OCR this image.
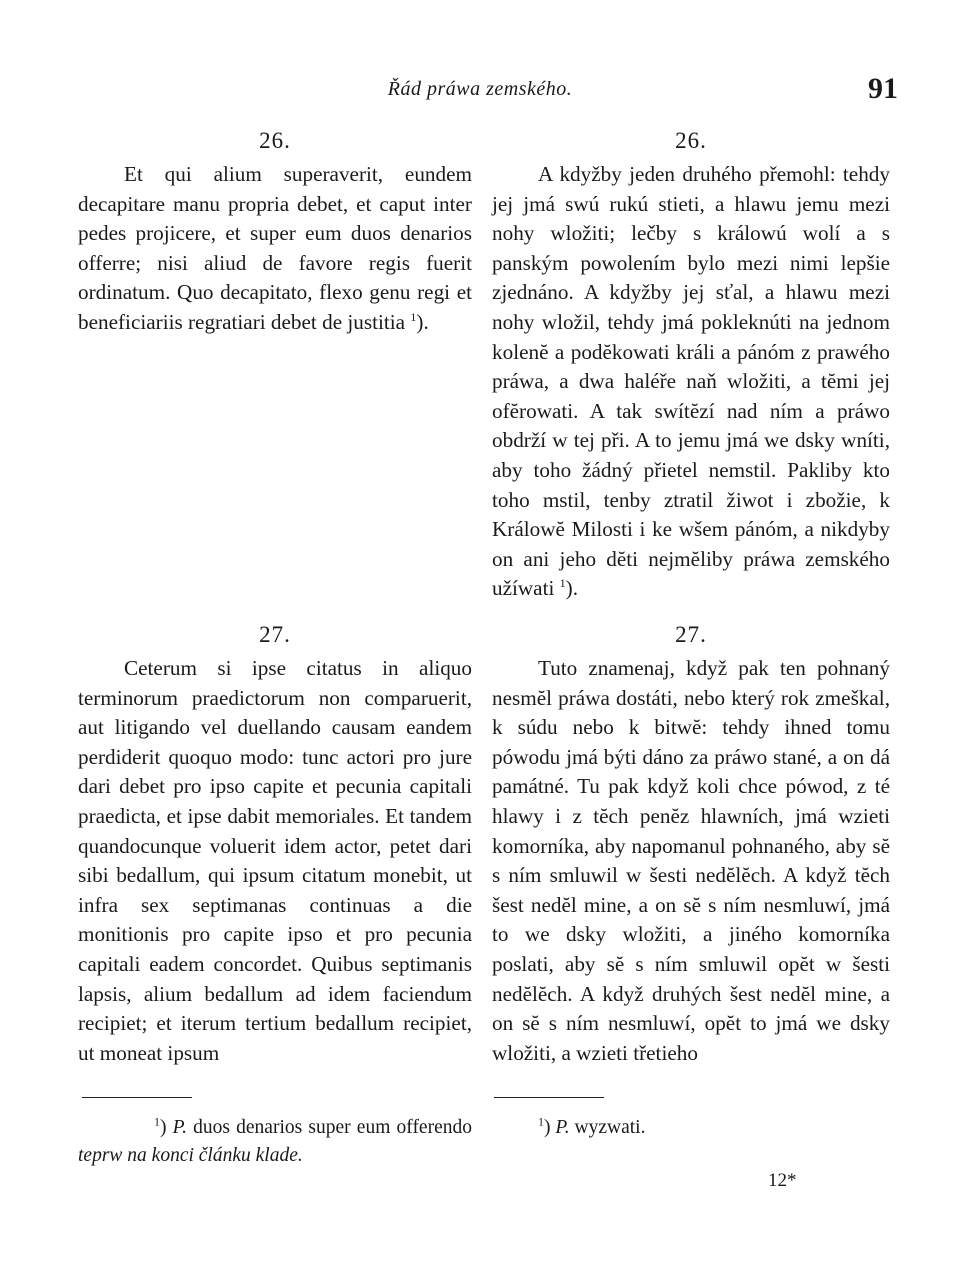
Řád práwa zemského.	91
26.

Et qui alium superaverit, eundem decapitare manu propria debet, et caput inter pedes projicere, et super eum duos denarios offerre; nisi aliud de favore regis fuerit ordinatum. Quo decapitato, flexo genu regi et beneficiariis regratiari debet de justitia $^1$).

27.

Ceterum si ipse citatus in aliquo terminorum praedictorum non comparuerit, aut litigando vel duellando causam eandem perdiderit quoquo modo: tunc actori pro jure dari debet pro ipso capite et pecunia capitali praedicta, et ipse dabit memoriales. Et tandem quandocunque voluerit idem actor, petet dari sibi bedallum, qui ipsum citatum monebit, ut infra sex septimanas continuas a die monitionis pro capite ipso et pro pecunia capitali eadem concordet. Quibus septimanis lapsis, alium bedallum ad idem faciendum recipiet; et iterum tertium bedallum recipiet, ut moneat ipsum

26.

A kdyžby jeden druhého přemohl: tehdy jej jmá swú rukú stieti, a hlawu jemu mezi nohy wložiti; lečby s králowú wolí a s panským powolením bylo mezi nimi lepšie zjednáno. A kdyžby jej sťal, a hlawu mezi nohy wložil, tehdy jmá pokleknúti na jednom kolenĕ a podĕkowati králi a pánóm z prawého práwa, a dwa haléře naň wložiti, a tĕmi jej ofĕrowati. A tak swítĕzí nad ním a práwo obdrží w tej při. A to jemu jmá we dsky wníti, aby toho žádný přietel nemstil. Pakliby kto toho mstil, tenby ztratil žiwot i zbožie, k Králowĕ Milosti i ke wšem pánóm, a nikdyby on ani jeho dĕti nejmĕliby práwa zemského užíwati $^1$).

27.

Tuto znamenaj, když pak ten pohnaný nesmĕl práwa dostáti, nebo který rok zmeškal, k súdu nebo k bitwĕ: tehdy ihned tomu pówodu jmá býti dáno za práwo stané, a on dá památné. Tu pak když koli chce pówod, z té hlawy i z tĕch penĕz hlawních, jmá wzieti komorníka, aby napomanul pohnaného, aby sĕ s ním smluwil w šesti nedĕlĕch. A když tĕch šest nedĕl mine, a on sĕ s ním nesmluwí, jmá to we dsky wložiti, a jiného komorníka poslati, aby sĕ s ním smluwil opĕt w šesti nedĕlĕch. A když druhých šest nedĕl mine, a on sĕ s ním nesmluwí, opĕt to jmá we dsky wložiti, a wzieti třetieho

$^1$) P. duos denarios super eum offerendo teprw na konci článku klade.
$^1$) P. wyzwati.
12*
